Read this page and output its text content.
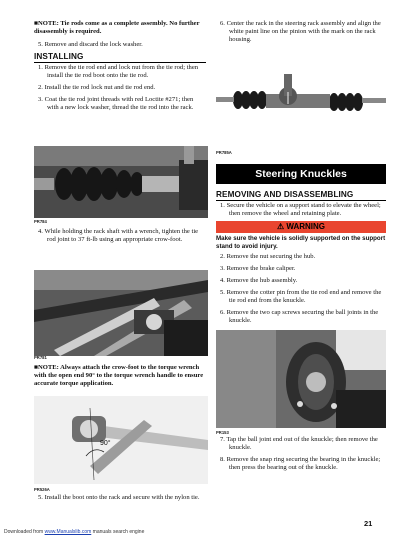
■NOTE: Tie rods come as a complete assembly. No further disassembly is required.

5. Remove and discard the lock washer.

INSTALLING

1. Remove the tie rod end and lock nut from the tie rod; then install the tie rod boot onto the tie rod.

2. Install the tie rod lock nut and tie rod end.

3. Coat the tie rod joint threads with red Loctite #271; then with a new lock washer, thread the tie rod into the rack.

PR784

4. While holding the rack shaft with a wrench, tighten the tie rod joint to 37 ft-lb using an appropriate crow-foot.

PR781

■NOTE: Always attach the crow-foot to the torque wrench with the open end 90° to the torque wrench handle to ensure accurate torque application.

90°
PR526A

5. Install the boot onto the rack and secure with the nylon tie.

6. Center the rack in the steering rack assembly and align the white paint line on the pinion with the mark on the rack housing.

PR785A
Steering Knuckles
REMOVING AND DISASSEMBLING

1. Secure the vehicle on a support stand to elevate the wheel; then remove the wheel and retaining plate.

⚠ WARNING
Make sure the vehicle is solidly supported on the support stand to avoid injury.

2. Remove the nut securing the hub.

3. Remove the brake caliper.

4. Remove the hub assembly.

5. Remove the cotter pin from the tie rod end and remove the tie rod end from the knuckle.

6. Remove the two cap screws securing the ball joints in the knuckle.

PR153

7. Tap the ball joint end out of the knuckle; then remove the knuckle.

8. Remove the snap ring securing the bearing in the knuckle; then press the bearing out of the knuckle.

21
Downloaded from www.Manualslib.com manuals search engine
